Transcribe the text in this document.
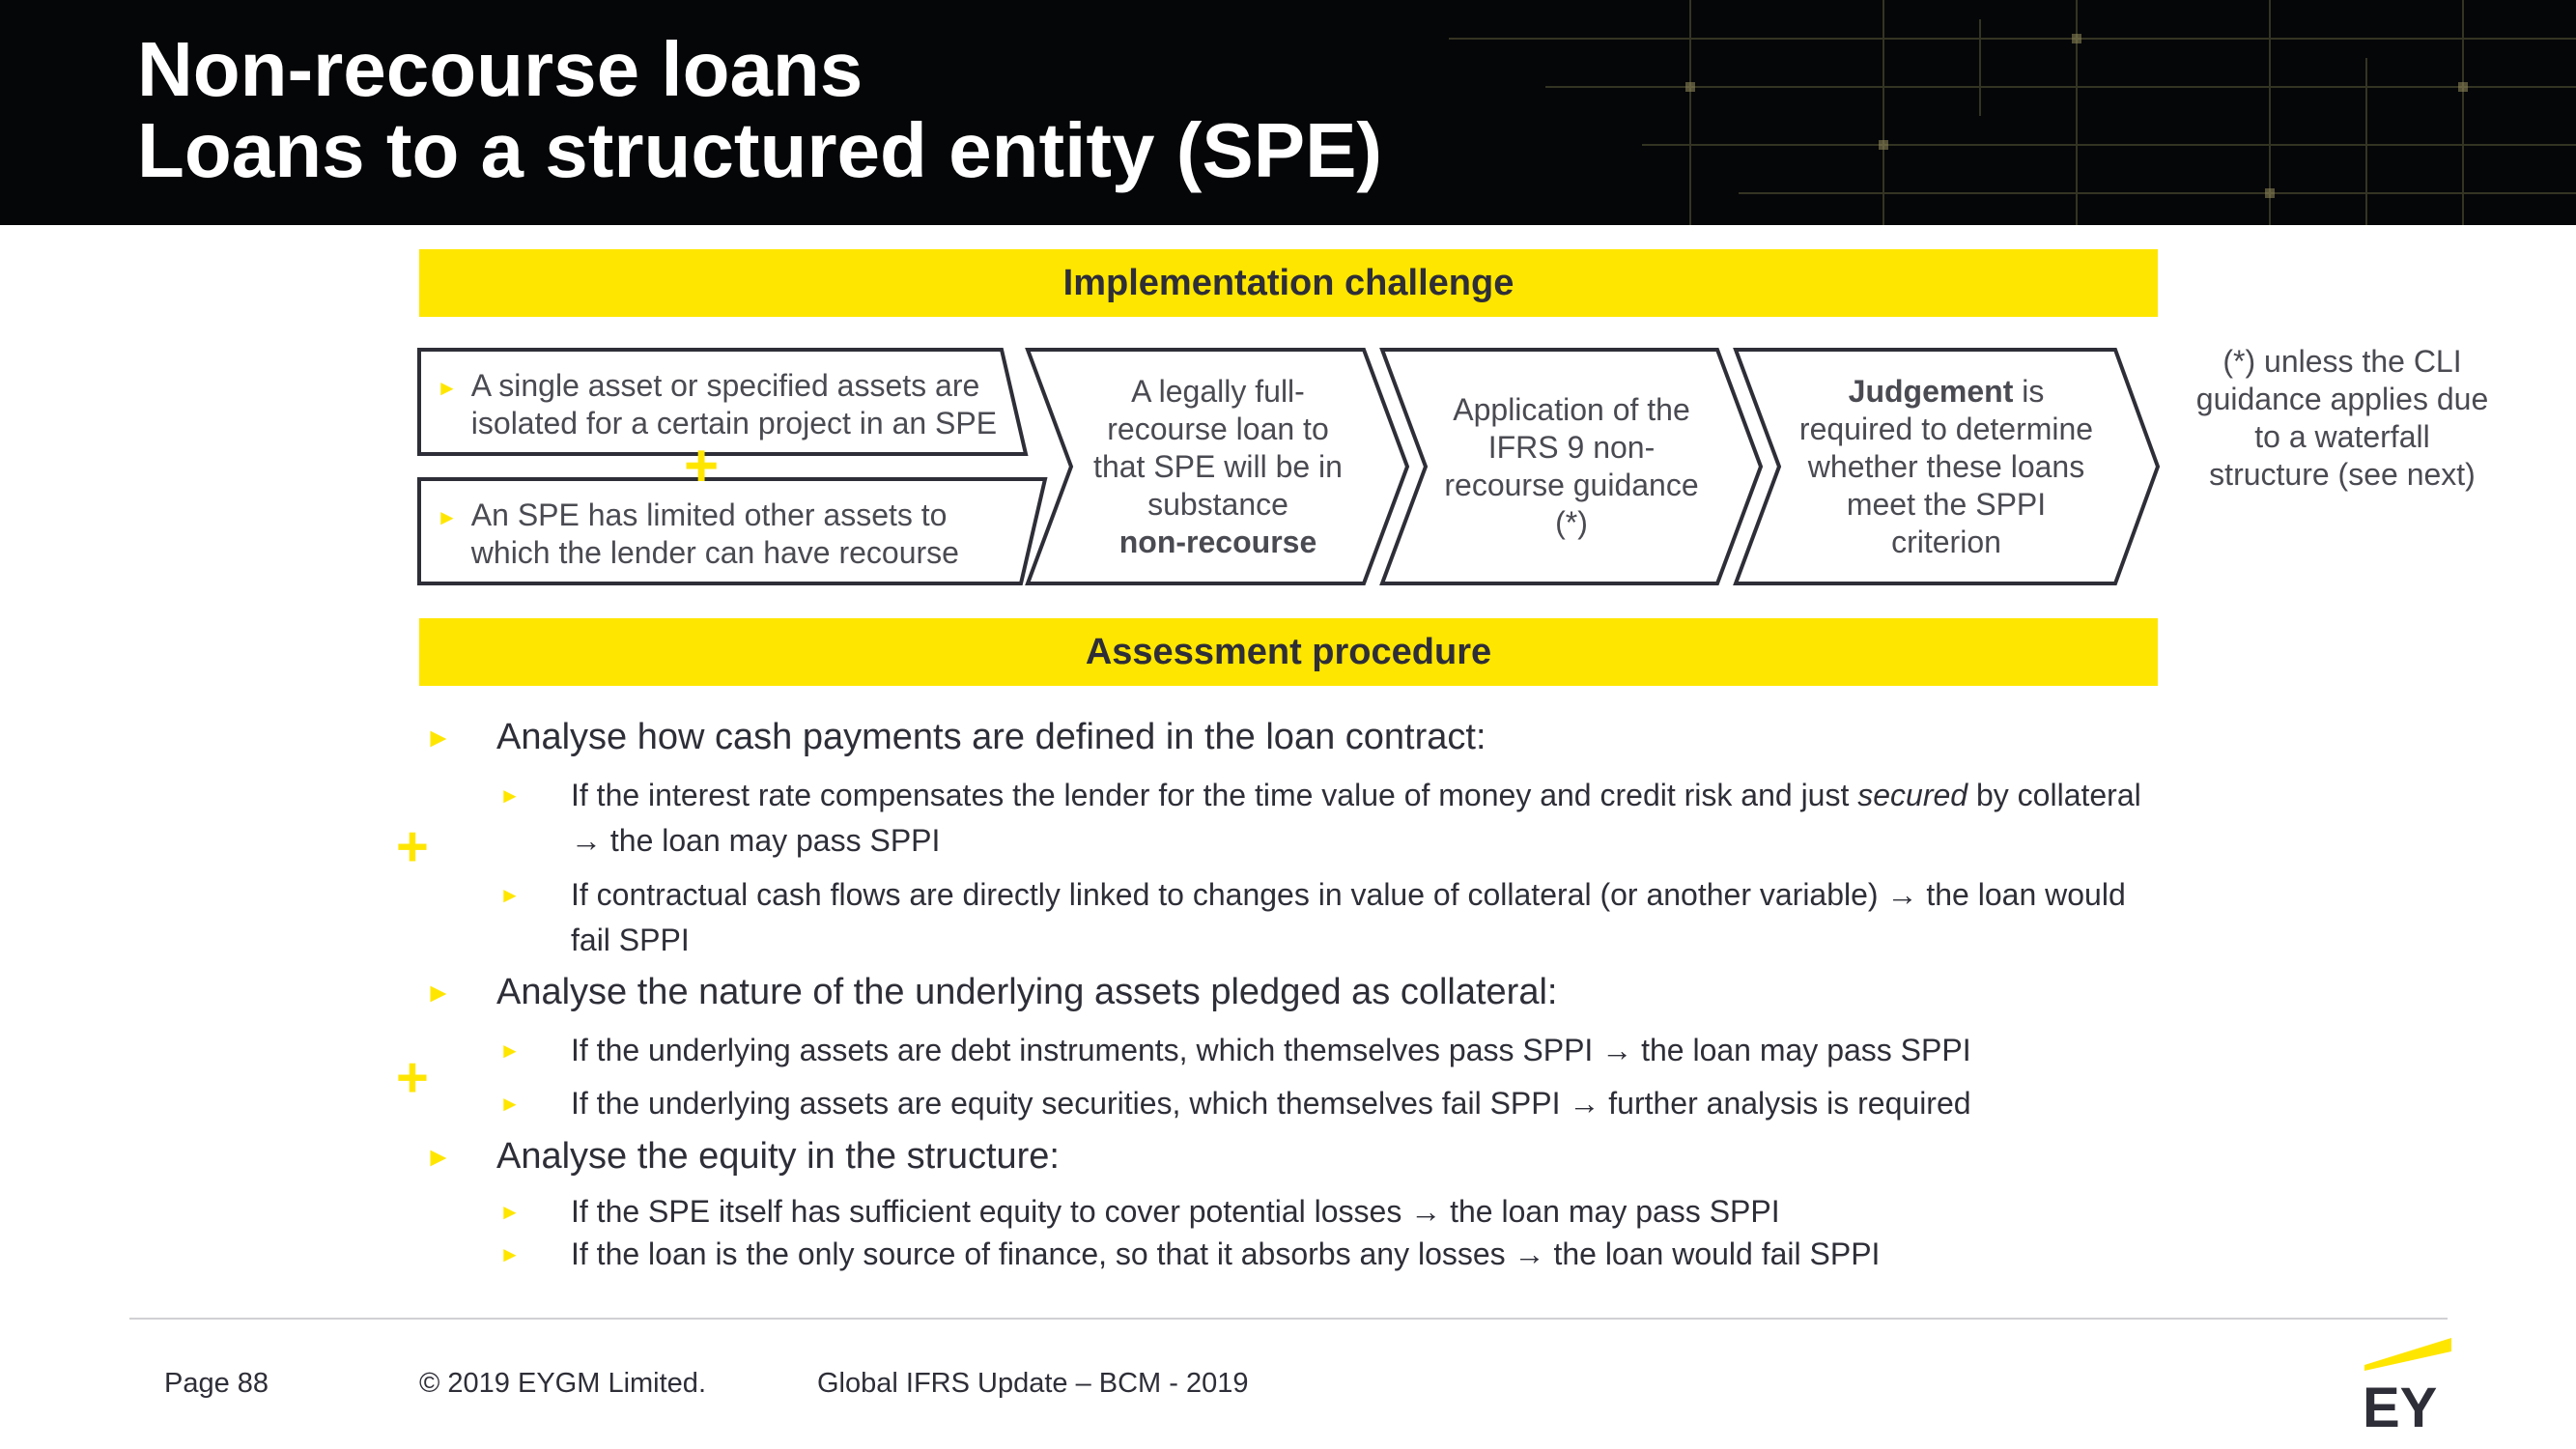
Non-recourse loans
Loans to a structured entity (SPE)
Implementation challenge
► A single asset or specified assets are isolated for a certain project in an SPE
+
► An SPE has limited other assets to which the lender can have recourse
A legally full-recourse loan to that SPE will be in substance
non-recourse
Application of the IFRS 9 non-recourse guidance (*)
Judgement is required to determine whether these loans meet the SPPI criterion
(*) unless the CLI guidance applies due to a waterfall structure (see next)
Assessment procedure
►	Analyse how cash payments are defined in the loan contract:
►	If the interest rate compensates the lender for the time value of money and credit risk and just secured by collateral → the loan may pass SPPI
►	If contractual cash flows are directly linked to changes in value of collateral (or another variable) → the loan would fail SPPI
+
►	Analyse the nature of the underlying assets pledged as collateral:
►	If the underlying assets are debt instruments, which themselves pass SPPI → the loan may pass SPPI
►	If the underlying assets are equity securities, which themselves fail SPPI → further analysis is required
+
►	Analyse the equity in the structure:
►	If the SPE itself has sufficient equity to cover potential losses → the loan may pass SPPI
►	If the loan is the only source of finance, so that it absorbs any losses → the loan would fail SPPI
Page 88	© 2019 EYGM Limited.	Global IFRS Update – BCM - 2019	EY
